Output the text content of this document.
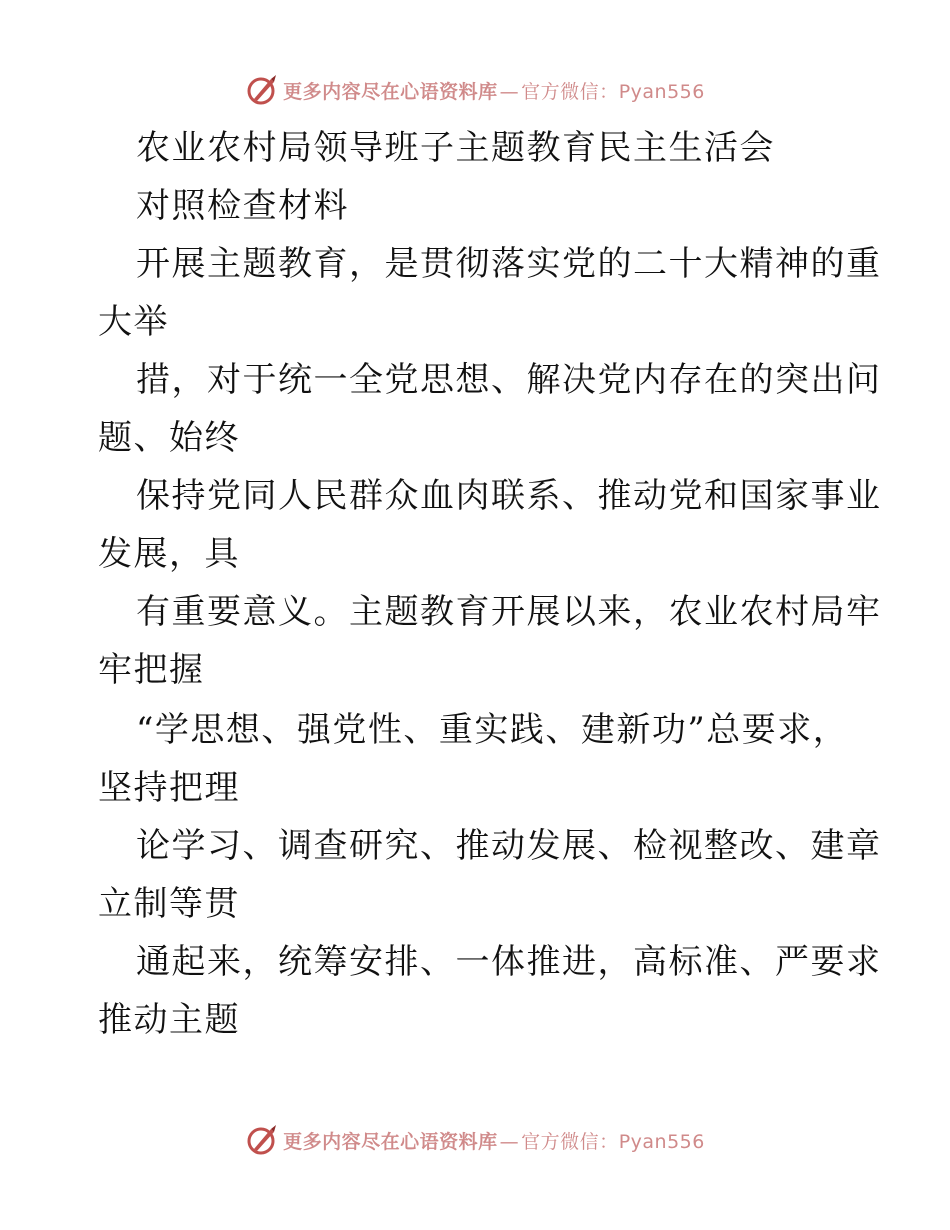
更多内容尽在心语资料库 — 官方微信：Pyan556
农业农村局领导班子主题教育民主生活会
对照检查材料
开展主题教育，是贯彻落实党的二十大精神的重
大举
措，对于统一全党思想、解决党内存在的突出问
题、始终
保持党同人民群众血肉联系、推动党和国家事业
发展，具
有重要意义。主题教育开展以来，农业农村局牢
牢把握
“学思想、强党性、重实践、建新功”总要求，
坚持把理
论学习、调查研究、推动发展、检视整改、建章
立制等贯
通起来，统筹安排、一体推进，高标准、严要求
推动主题
更多内容尽在心语资料库 — 官方微信：Pyan556
